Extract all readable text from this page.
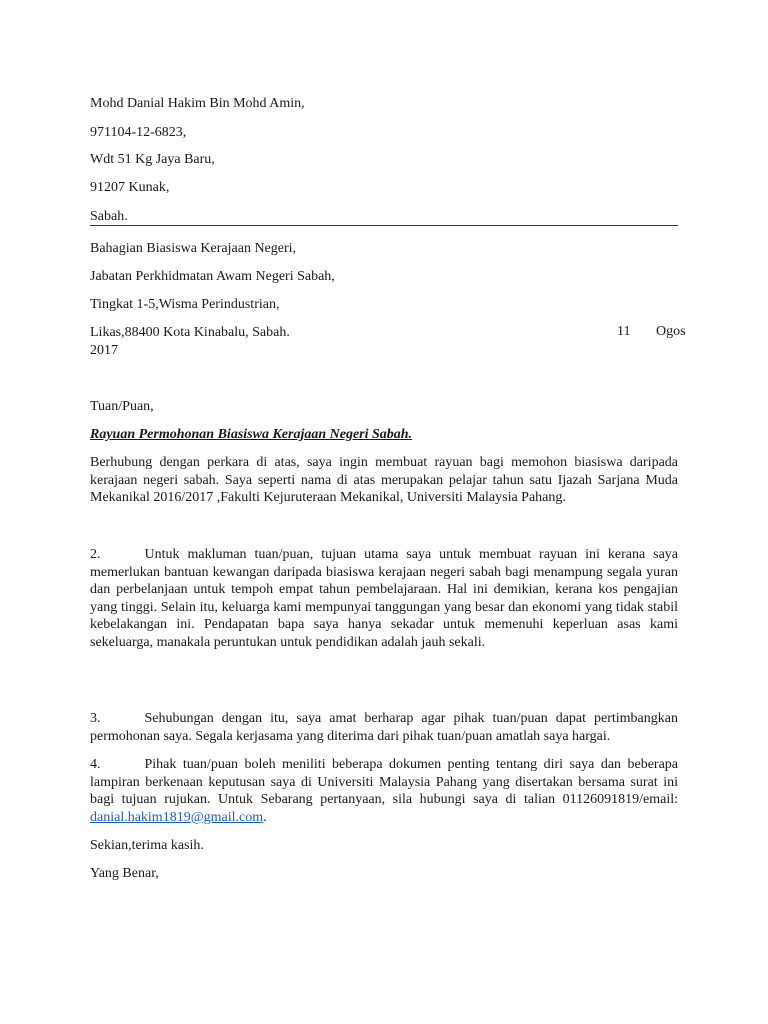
Mohd Danial Hakim Bin Mohd Amin,
971104-12-6823,
Wdt 51 Kg Jaya Baru,
91207 Kunak,
Sabah.
Bahagian Biasiswa Kerajaan Negeri,
Jabatan Perkhidmatan Awam Negeri Sabah,
Tingkat 1-5,Wisma Perindustrian,
Likas,88400 Kota Kinabalu, Sabah.	11 Ogos
2017
Tuan/Puan,
Rayuan Permohonan Biasiswa Kerajaan Negeri Sabah.
Berhubung dengan perkara di atas, saya ingin membuat rayuan bagi memohon biasiswa daripada kerajaan negeri sabah. Saya seperti nama di atas merupakan pelajar tahun satu Ijazah Sarjana Muda Mekanikal 2016/2017 ,Fakulti Kejuruteraan Mekanikal, Universiti Malaysia Pahang.
2.	Untuk makluman tuan/puan, tujuan utama saya untuk membuat rayuan ini kerana saya memerlukan bantuan kewangan daripada biasiswa kerajaan negeri sabah bagi menampung segala yuran dan perbelanjaan untuk tempoh empat tahun pembelajaraan. Hal ini demikian, kerana kos pengajian yang tinggi. Selain itu, keluarga kami mempunyai tanggungan yang besar dan ekonomi yang tidak stabil kebelakangan ini. Pendapatan bapa saya hanya sekadar untuk memenuhi keperluan asas kami sekeluarga, manakala peruntukan untuk pendidikan adalah jauh sekali.
3.	Sehubungan dengan itu, saya amat berharap agar pihak tuan/puan dapat pertimbangkan permohonan saya. Segala kerjasama yang diterima dari pihak tuan/puan amatlah saya hargai.
4.	Pihak tuan/puan boleh meniliti beberapa dokumen penting tentang diri saya dan beberapa lampiran berkenaan keputusan saya di Universiti Malaysia Pahang yang disertakan bersama surat ini bagi tujuan rujukan. Untuk Sebarang pertanyaan, sila hubungi saya di talian 01126091819/email: danial.hakim1819@gmail.com.
Sekian,terima kasih.
Yang Benar,
